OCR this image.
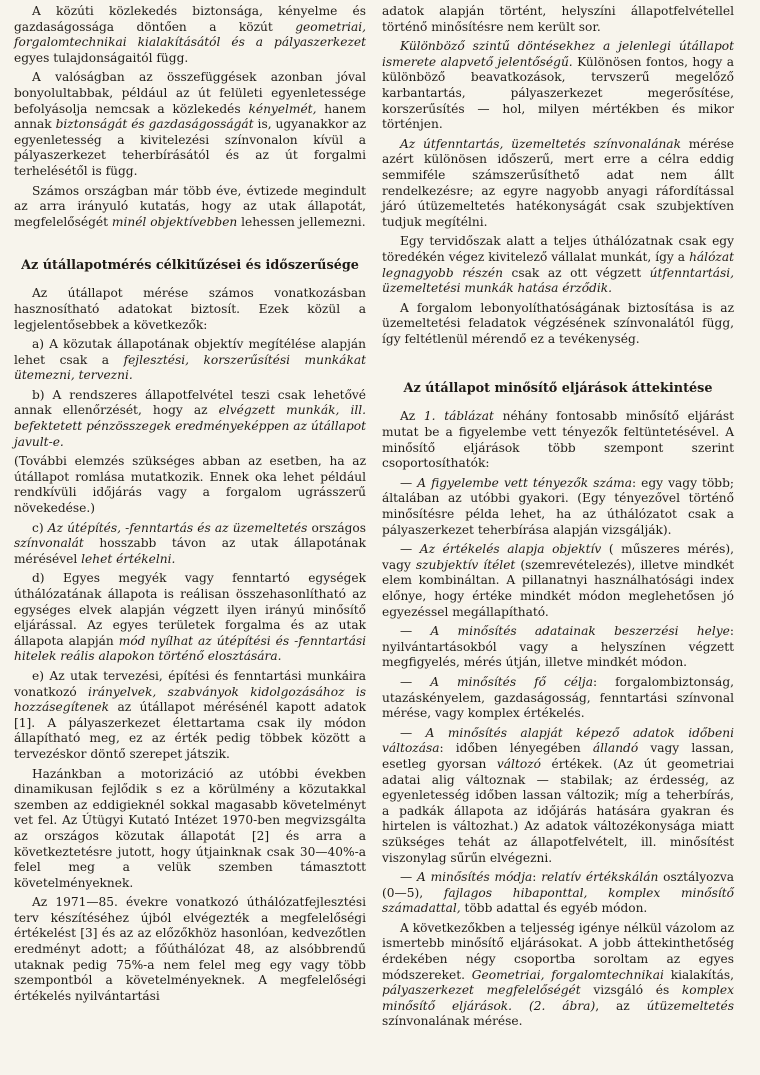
A közúti közlekedés biztonsága, kényelme és gazdaságossága döntően a közút geometriai, forgalomtechnikai kialakításától és a pályaszerkezet egyes tulajdonságaitól függ.

A valóságban az összefüggések azonban jóval bonyolultabbak, például az út felületi egyenletessége befolyásolja nemcsak a közlekedés kényelmét, hanem annak biztonságát és gazdaságosságát is, ugyanakkor az egyenletesség a kivitelezési színvonalon kívül a pályaszerkezet teherbírásától és az út forgalmi terhelésétől is függ.

Számos országban már több éve, évtizede megindult az arra irányuló kutatás, hogy az utak állapotát, megfelelőségét minél objektívebben lehessen jellemezni.

Az útállapotmérés célkitűzései és időszerűsége

Az útállapot mérése számos vonatkozásban hasznosítható adatokat biztosít. Ezek közül a legjelentősebbek a következők:

a) A közutak állapotának objektív megítélése alapján lehet csak a fejlesztési, korszerűsítési munkákat ütemezni, tervezni.

b) A rendszeres állapotfelvétel teszi csak lehetővé annak ellenőrzését, hogy az elvégzett munkák, ill. befektetett pénzösszegek eredményeképpen az útállapot javult-e.

(További elemzés szükséges abban az esetben, ha az útállapot romlása mutatkozik. Ennek oka lehet például rendkívüli időjárás vagy a forgalom ugrásszerű növekedése.)

c) Az útépítés, -fenntartás és az üzemeltetés országos színvonalát hosszabb távon az utak állapotának mérésével lehet értékelni.

d) Egyes megyék vagy fenntartó egységek úthálózatának állapota is reálisan összehasonlítható az egységes elvek alapján végzett ilyen irányú minősítő eljárással. Az egyes területek forgalma és az utak állapota alapján mód nyílhat az útépítési és -fenntartási hitelek reális alapokon történő elosztására.

e) Az utak tervezési, építési és fenntartási munkáira vonatkozó irányelvek, szabványok kidolgozásához is hozzásegítenek az útállapot mérésénél kapott adatok [1]. A pályaszerkezet élettartama csak ily módon állapítható meg, ez az érték pedig többek között a tervezéskor döntő szerepet játszik.

Hazánkban a motorizáció az utóbbi években dinamikusan fejlődik s ez a körülmény a közutakkal szemben az eddigieknél sokkal magasabb követelményt vet fel. Az Útügyi Kutató Intézet 1970-ben megvizsgálta az országos közutak állapotát [2] és arra a következtetésre jutott, hogy útjainknak csak 30—40%-a felel meg a velük szemben támasztott követelményeknek.

Az 1971—85. évekre vonatkozó úthálózatfejlesztési terv készítéséhez újból elvégezték a megfelelőségi értékelést [3] és az az előzőkhöz hasonlóan, kedvezőtlen eredményt adott; a főúthálózat 48, az alsóbbrendű utaknak pedig 75%-a nem felel meg egy vagy több szempontból a követelményeknek. A megfelelőségi értékelés nyilvántartási

adatok alapján történt, helyszíni állapotfelvétellel történő minősítésre nem került sor.

Különböző szintű döntésekhez a jelenlegi útállapot ismerete alapvető jelentőségű. Különösen fontos, hogy a különböző beavatkozások, tervszerű megelőző karbantartás, pályaszerkezet megerősítése, korszerűsítés — hol, milyen mértékben és mikor történjen.

Az útfenntartás, üzemeltetés színvonalának mérése azért különösen időszerű, mert erre a célra eddig semmiféle számszerűsíthető adat nem állt rendelkezésre; az egyre nagyobb anyagi ráfordítással járó útüzemeltetés hatékonyságát csak szubjektíven tudjuk megítélni.

Egy tervidőszak alatt a teljes úthálózatnak csak egy töredékén végez kivitelező vállalat munkát, így a hálózat legnagyobb részén csak az ott végzett útfenntartási, üzemeltetési munkák hatása érződik.

A forgalom lebonyolíthatóságának biztosítása is az üzemeltetési feladatok végzésének színvonalától függ, így feltétlenül mérendő ez a tevékenység.

Az útállapot minősítő eljárások áttekintése

Az 1. táblázat néhány fontosabb minősítő eljárást mutat be a figyelembe vett tényezők feltüntetésével. A minősítő eljárások több szempont szerint csoportosíthatók:

— A figyelembe vett tényezők száma: egy vagy több; általában az utóbbi gyakori. (Egy tényezővel történő minősítésre példa lehet, ha az úthálózatot csak a pályaszerkezet teherbírása alapján vizsgálják).

— Az értékelés alapja objektív ( műszeres mérés), vagy szubjektív ítélet (szemrevételezés), illetve mindkét elem kombináltan. A pillanatnyi használhatósági index előnye, hogy értéke mindkét módon meglehetősen jó egyezéssel megállapítható.

— A minősítés adatainak beszerzési helye: nyilvántartásokból vagy a helyszínen végzett megfigyelés, mérés útján, illetve mindkét módon.

— A minősítés fő célja: forgalombiztonság, utazáskényelem, gazdaságosság, fenntartási színvonal mérése, vagy komplex értékelés.

— A minősítés alapját képező adatok időbeni változása: időben lényegében állandó vagy lassan, esetleg gyorsan változó értékek. (Az út geometriai adatai alig változnak — stabilak; az érdesség, az egyenletesség időben lassan változik; míg a teherbírás, a padkák állapota az időjárás hatására gyakran és hirtelen is változhat.) Az adatok változékonysága miatt szükséges tehát az állapotfelvételt, ill. minősítést viszonylag sűrűn elvégezni.

— A minősítés módja: relatív értékskálán osztályozva (0—5), fajlagos hibaponttal, komplex minősítő számadattal, több adattal és egyéb módon.

A következőkben a teljesség igénye nélkül vázolom az ismertebb minősítő eljárásokat. A jobb áttekinthetőség érdekében négy csoportba soroltam az egyes módszereket. Geometriai, forgalomtechnikai kialakítás, pályaszerkezet megfelelőségét vizsgáló és komplex minősítő eljárások. (2. ábra), az útüzemeltetés színvonalának mérése.
